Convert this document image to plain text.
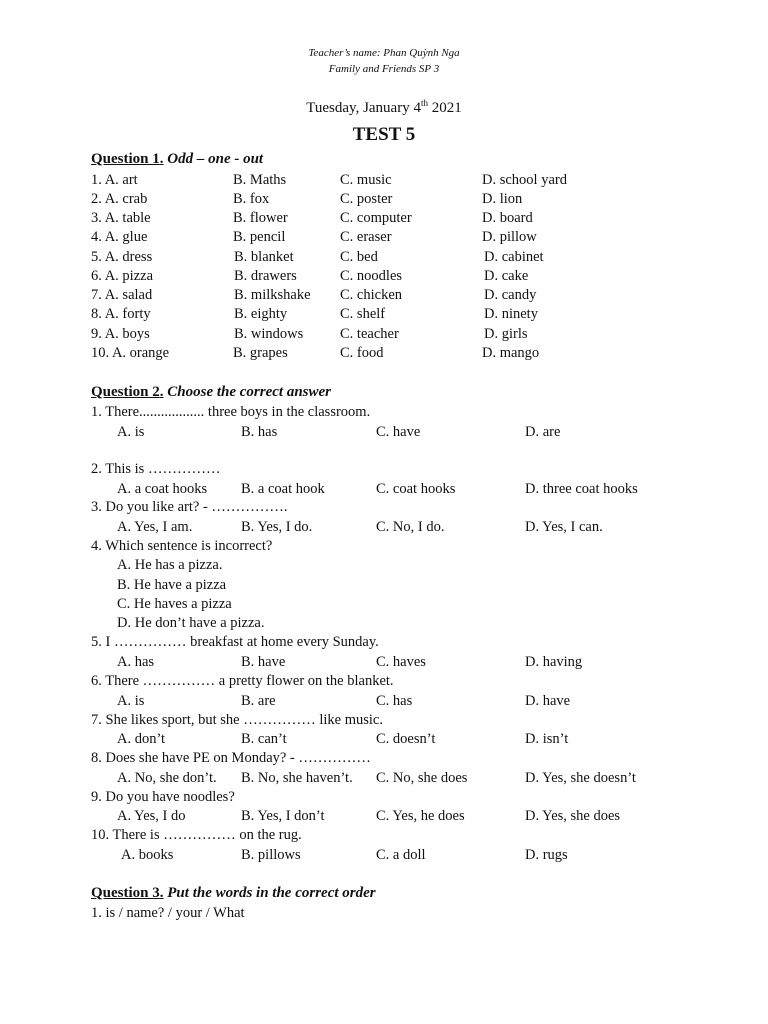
Teacher’s name: Phan Quỳnh Nga
Family and Friends SP 3
Tuesday, January 4th 2021
TEST 5
Question 1. Odd – one - out
1. A. art	B. Maths	C. music	D. school yard
2. A. crab	B. fox	C. poster	D. lion
3. A. table	B. flower	C. computer	D. board
4. A. glue	B. pencil	C. eraser	D. pillow
5. A. dress	B. blanket	C. bed	D. cabinet
6. A. pizza	B. drawers	C. noodles	D. cake
7. A. salad	B. milkshake C. chicken	D. candy
8. A. forty	B. eighty	C. shelf	D. ninety
9. A. boys	B. windows	C. teacher	D. girls
10. A. orange	B. grapes	C. food	D. mango
Question 2. Choose the correct answer
1. There.................. three boys in the classroom.
A. is	B. has	C. have	D. are
2. This is ……………
A. a coat hooks B. a coat hook	C. coat hooks	D. three coat hooks
3. Do you like art? - …………….
A. Yes, I am.	B. Yes, I do.	C. No, I do.	D. Yes, I can.
4. Which sentence is incorrect?
A. He has a pizza.
B. He have a pizza
C. He haves a pizza
D. He don’t have a pizza.
5. I …………… breakfast at home every Sunday.
A. has	B. have	C. haves	D. having
6. There …………… a pretty flower on the blanket.
A. is	B. are	C. has	D. have
7. She likes sport, but she …………… like music.
A. don’t	B. can’t	C. doesn’t	D. isn’t
8. Does she have PE on Monday? - ……………
A. No, she don’t. B. No, she haven’t. C. No, she does	D. Yes, she doesn’t
9. Do you have noodles?
A. Yes, I do	B. Yes, I don’t	C. Yes, he does	D. Yes, she does
10. There is …………… on the rug.
A. books	B. pillows	C. a doll	D. rugs
Question 3. Put the words in the correct order
1. is / name? / your / What
